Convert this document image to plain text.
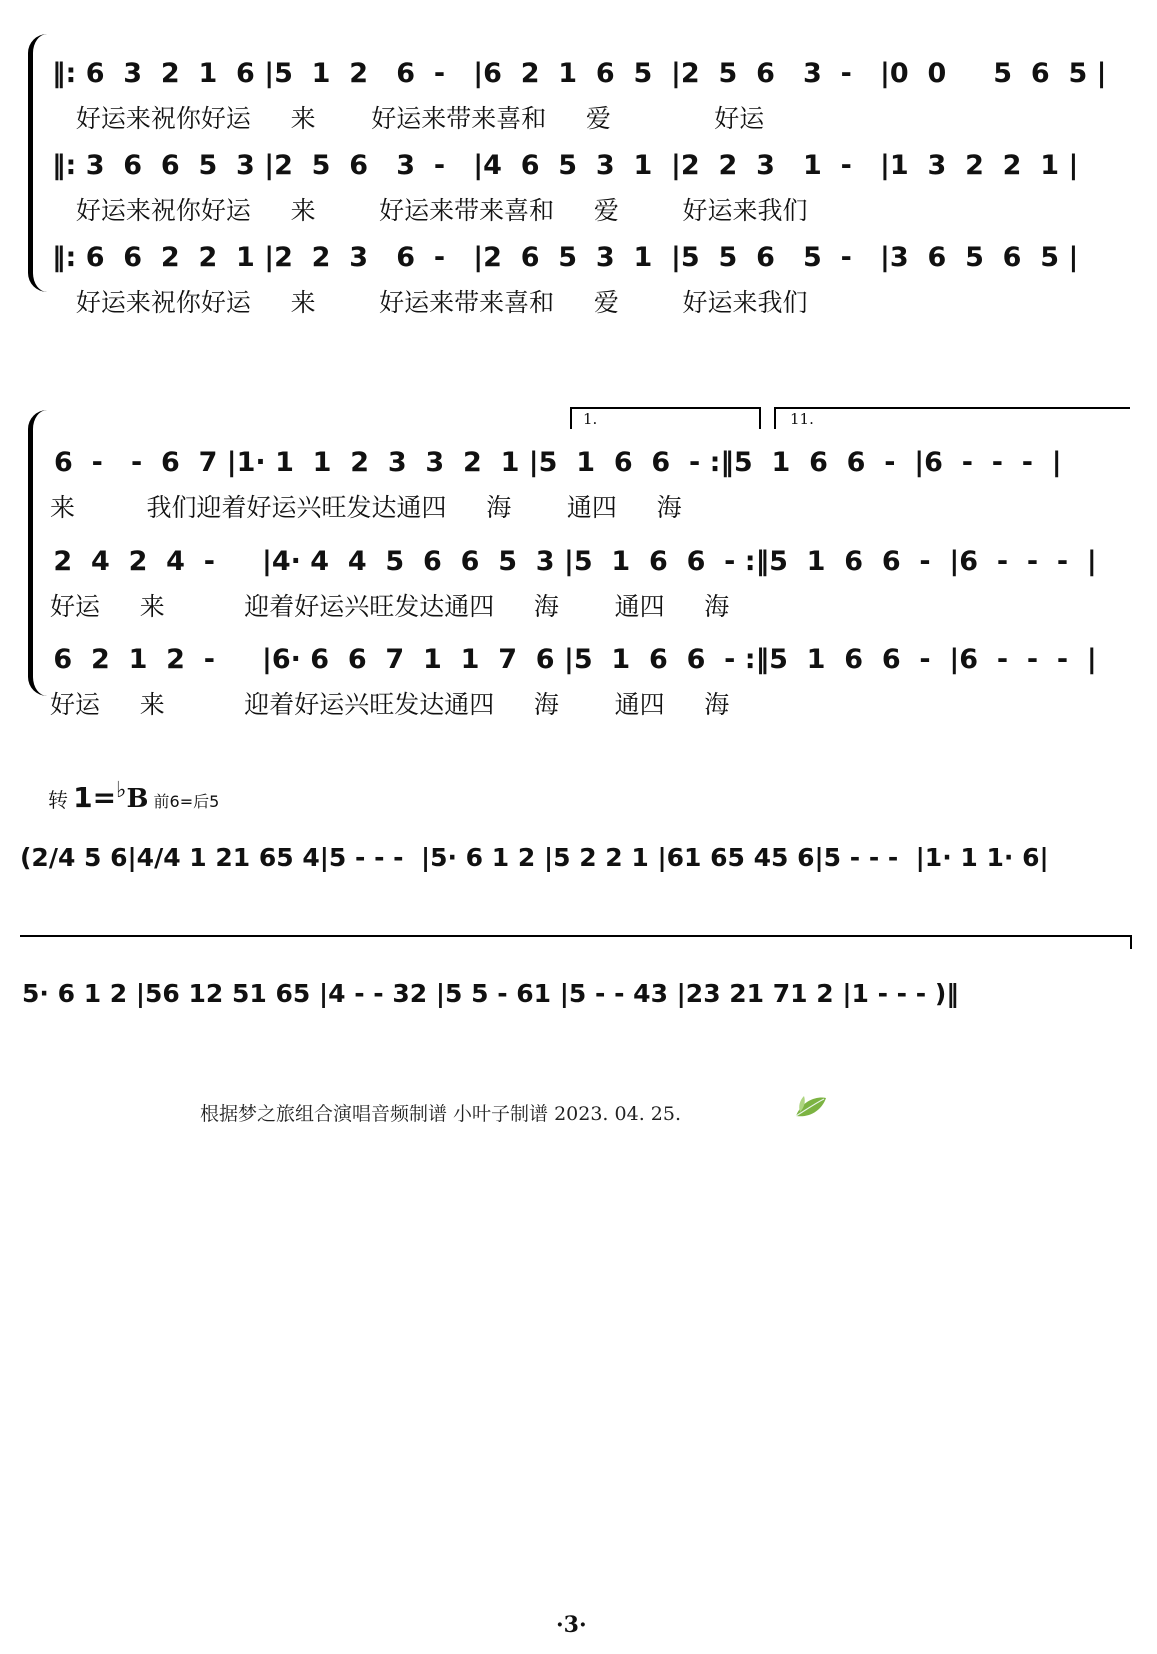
‖: 6  3  2  1  6 |5  1  2   6  -   |6  2  1  6  5  |2  5  6   3  -   |0  0     5  6  5 |
好运来祝你好运     来       好运来带来喜和     爱             好运
‖: 3  6  6  5  3 |2  5  6   3  -   |4  6  5  3  1  |2  2  3   1  -   |1  3  2  2  1 |
好运来祝你好运     来        好运来带来喜和     爱        好运来我们
‖: 6  6  2  2  1 |2  2  3   6  -   |2  6  5  3  1  |5  5  6   5  -   |3  6  5  6  5 |
好运来祝你好运     来        好运来带来喜和     爱        好运来我们
1.	11.
6  -   -  6  7 |1· 1  1  2  3  3  2  1 |5  1  6  6  - :‖5  1  6  6  -  |6  -  -  -  |
来         我们迎着好运兴旺发达通四     海       通四     海
2  4  2  4  -     |4· 4  4  5  6  6  5  3 |5  1  6  6  - :‖5  1  6  6  -  |6  -  -  -  |
好运     来          迎着好运兴旺发达通四     海       通四     海
6  2  1  2  -     |6· 6  6  7  1  1  7  6 |5  1  6  6  - :‖5  1  6  6  -  |6  -  -  -  |
好运     来          迎着好运兴旺发达通四     海       通四     海
转 1=♭B 前6=后5
(2/4 5 6|4/4 1 21 65 4|5 - - -  |5· 6 1 2 |5 2 2 1 |61 65 45 6|5 - - -  |1· 1 1· 6|
5· 6 1 2 |56 12 51 65 |4 - - 32 |5 5 - 61 |5 - - 43 |23 21 71 2 |1 - - - )‖
根据梦之旅组合演唱音频制谱 小叶子制谱 2023. 04. 25.
·3·
